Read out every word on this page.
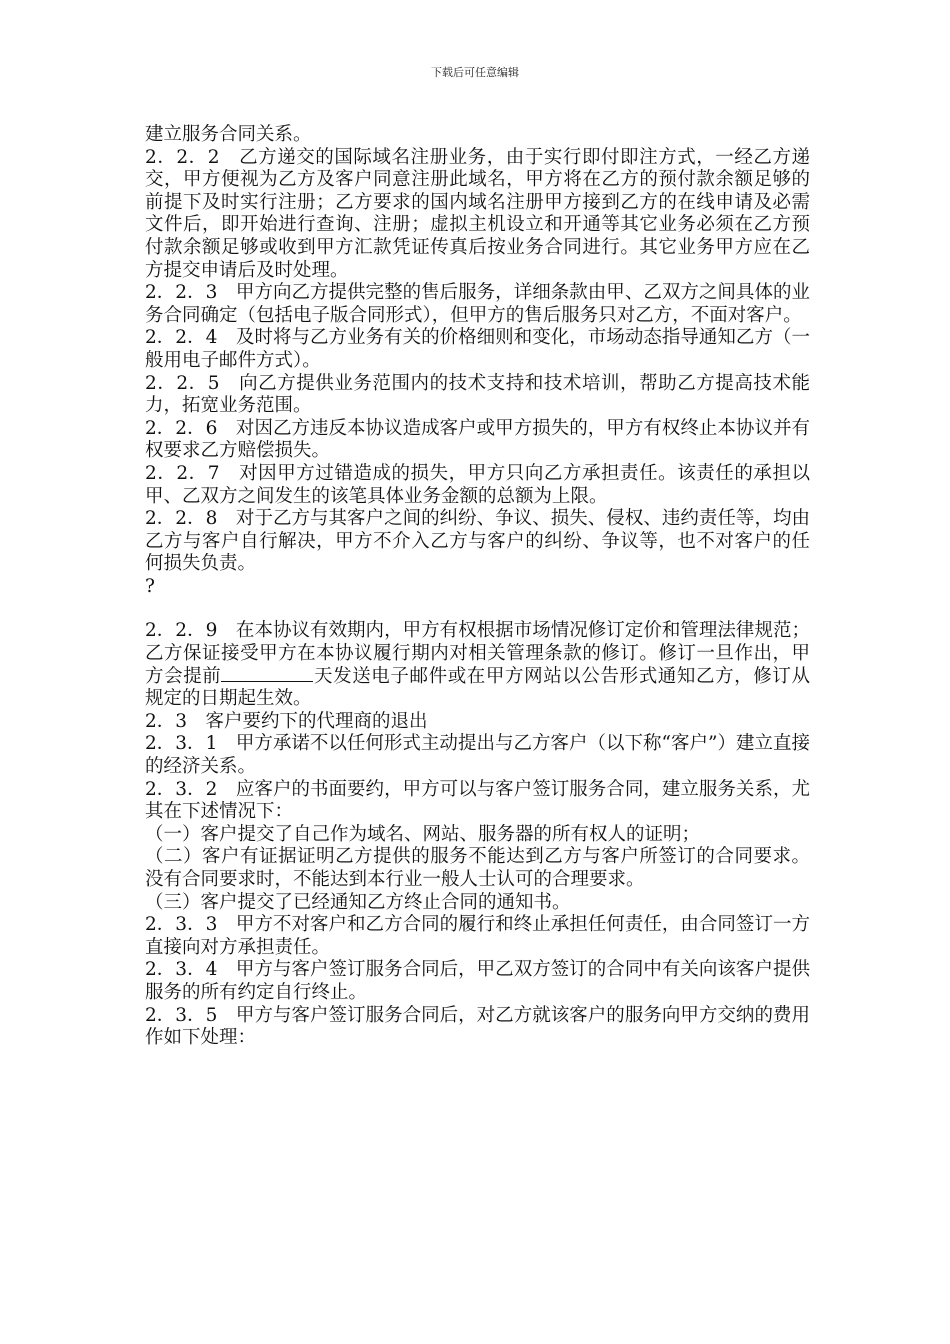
下载后可任意编辑

建立服务合同关系。

2．2．2　乙方递交的国际域名注册业务，由于实行即付即注方式，一经乙方递交，甲方便视为乙方及客户同意注册此域名，甲方将在乙方的预付款余额足够的前提下及时实行注册；乙方要求的国内域名注册甲方接到乙方的在线申请及必需文件后，即开始进行查询、注册；虚拟主机设立和开通等其它业务必须在乙方预付款余额足够或收到甲方汇款凭证传真后按业务合同进行。其它业务甲方应在乙方提交申请后及时处理。

2．2．3　甲方向乙方提供完整的售后服务，详细条款由甲、乙双方之间具体的业务合同确定（包括电子版合同形式），但甲方的售后服务只对乙方，不面对客户。

2．2．4　及时将与乙方业务有关的价格细则和变化，市场动态指导通知乙方（一般用电子邮件方式）。

2．2．5　向乙方提供业务范围内的技术支持和技术培训，帮助乙方提高技术能力，拓宽业务范围。

2．2．6　对因乙方违反本协议造成客户或甲方损失的，甲方有权终止本协议并有权要求乙方赔偿损失。

2．2．7　对因甲方过错造成的损失，甲方只向乙方承担责任。该责任的承担以甲、乙双方之间发生的该笔具体业务金额的总额为上限。

2．2．8　对于乙方与其客户之间的纠纷、争议、损失、侵权、违约责任等，均由乙方与客户自行解决，甲方不介入乙方与客户的纠纷、争议等，也不对客户的任何损失负责。

?

2．2．9　在本协议有效期内，甲方有权根据市场情况修订定价和管理法律规范；乙方保证接受甲方在本协议履行期内对相关管理条款的修订。修订一旦作出，甲方会提前	天发送电子邮件或在甲方网站以公告形式通知乙方，修订从规定的日期起生效。

2．3　客户要约下的代理商的退出

2．3．1　甲方承诺不以任何形式主动提出与乙方客户（以下称“客户”）建立直接的经济关系。

2．3．2　应客户的书面要约，甲方可以与客户签订服务合同，建立服务关系，尤其在下述情况下：

（一）客户提交了自己作为域名、网站、服务器的所有权人的证明；

（二）客户有证据证明乙方提供的服务不能达到乙方与客户所签订的合同要求。没有合同要求时，不能达到本行业一般人士认可的合理要求。

（三）客户提交了已经通知乙方终止合同的通知书。

2．3．3　甲方不对客户和乙方合同的履行和终止承担任何责任，由合同签订一方直接向对方承担责任。

2．3．4　甲方与客户签订服务合同后，甲乙双方签订的合同中有关向该客户提供服务的所有约定自行终止。

2．3．5　甲方与客户签订服务合同后，对乙方就该客户的服务向甲方交纳的费用作如下处理：
